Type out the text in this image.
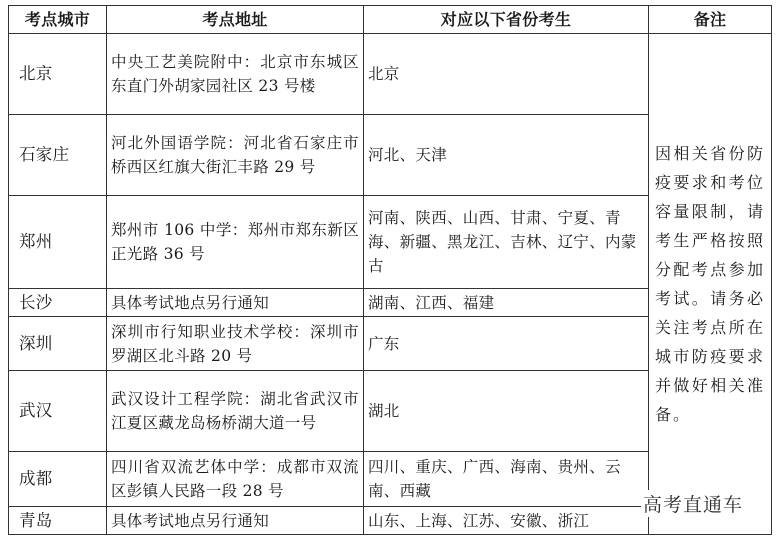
考点城市	考点地址	对应以下省份考生	备注
北京	中央工艺美院附中：北京市东城区东直门外胡家园社区 23 号楼	北京	因相关省份防疫要求和考位容量限制，请考生严格按照分配考点参加考试。请务必关注考点所在城市防疫要求并做好相关准备。
石家庄	河北外国语学院：河北省石家庄市桥西区红旗大街汇丰路 29 号	河北、天津	
郑州	郑州市 106 中学：郑州市郑东新区正光路 36 号	河南、陕西、山西、甘肃、宁夏、青海、新疆、黑龙江、吉林、辽宁、内蒙古	
长沙	具体考试地点另行通知	湖南、江西、福建	
深圳	深圳市行知职业技术学校：深圳市罗湖区北斗路 20 号	广东	
武汉	武汉设计工程学院：湖北省武汉市江夏区藏龙岛杨桥湖大道一号	湖北	
成都	四川省双流艺体中学：成都市双流区彭镇人民路一段 28 号	四川、重庆、广西、海南、贵州、云南、西藏	
青岛	具体考试地点另行通知	山东、上海、江苏、安徽、浙江	
高考直通车
